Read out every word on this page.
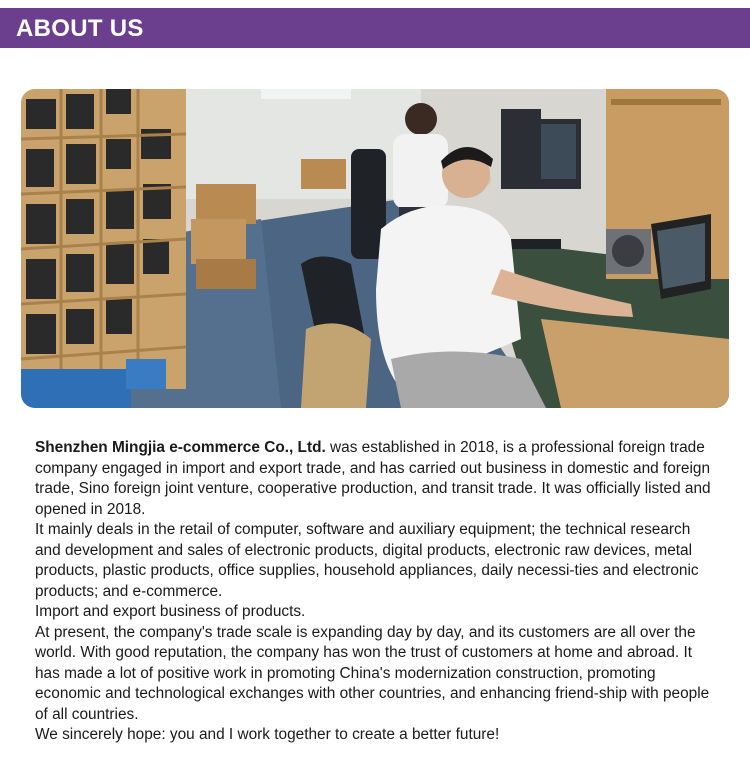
ABOUT US

Shenzhen Mingjia e-commerce Co., Ltd. was established in 2018, is a professional foreign trade company engaged in import and export trade, and has carried out business in domestic and foreign trade, Sino foreign joint venture, cooperative production, and transit trade. It was officially listed and opened in 2018.

It mainly deals in the retail of computer, software and auxiliary equipment; the technical research and development and sales of electronic products, digital products, electronic raw devices, metal products, plastic products, office supplies, household appliances, daily necessi-ties and electronic products; and e-commerce.

Import and export business of products.

At present, the company's trade scale is expanding day by day, and its customers are all over the world. With good reputation, the company has won the trust of customers at home and abroad. It has made a lot of positive work in promoting China's modernization construction, promoting economic and technological exchanges with other countries, and enhancing friend-ship with people of all countries.

We sincerely hope: you and I work together to create a better future!
